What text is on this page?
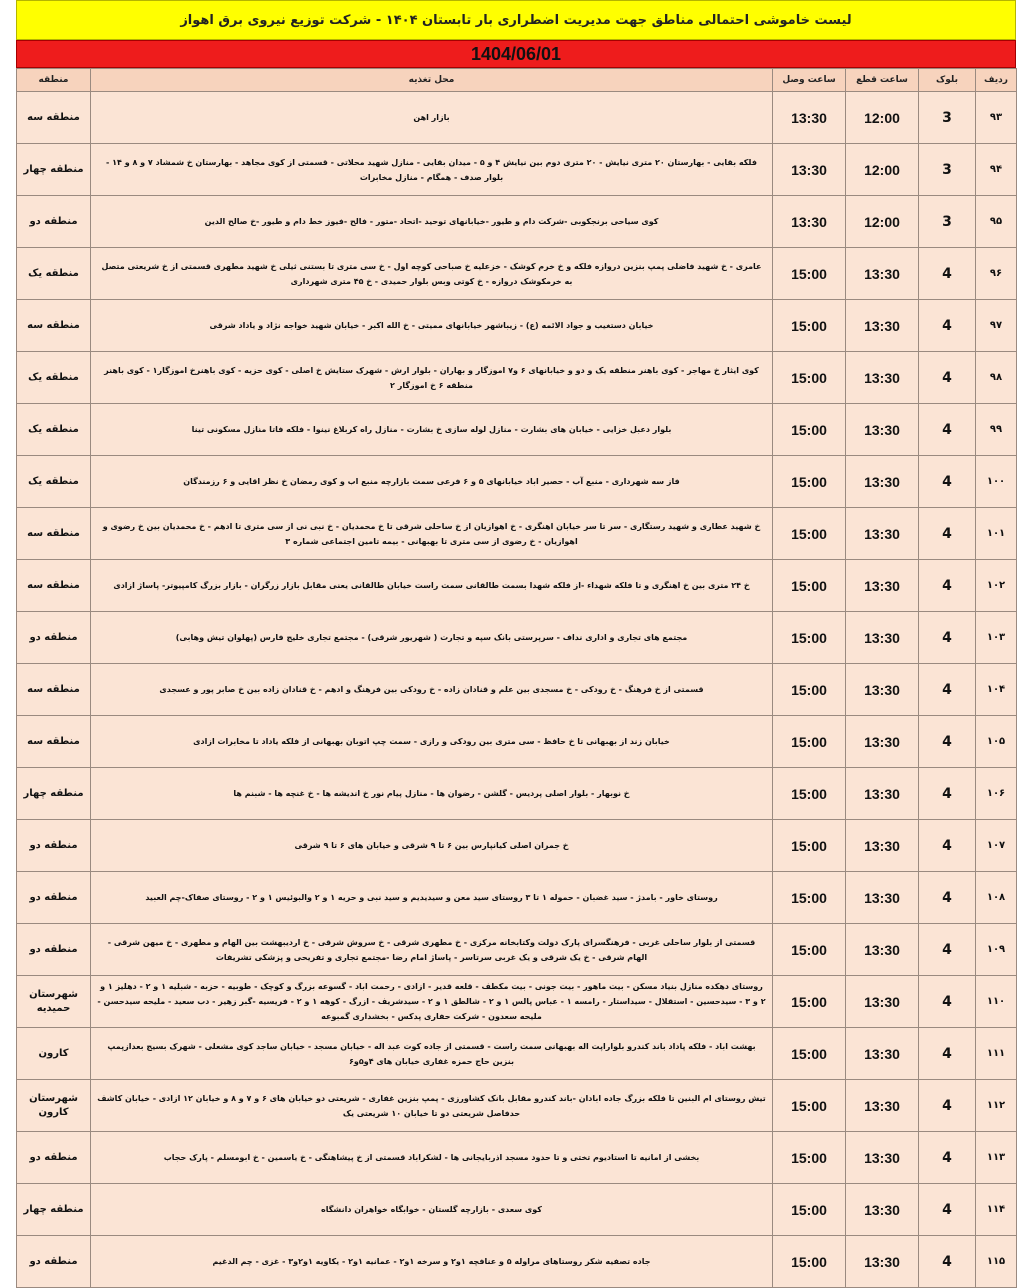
لیست خاموشی احتمالی مناطق جهت مدیریت اضطراری بار تابستان ۱۴۰۴ - شرکت توزیع نیروی برق اهواز
1404/06/01
ردیف	بلوک	ساعت قطع	ساعت وصل	محل تغذیه	منطقه
۹۳	3	12:00	13:30	بازار اهن	منطقه سه
۹۴	3	12:00	13:30	فلکه بقایی - بهارستان ۲۰ متری نیایش - ۲۰ متری دوم بین نیایش ۴ و ۵ - میدان بقایی - منازل شهید محلاتی - قسمتی از کوی مجاهد - بهارستان خ شمشاد ۷ و ۸ و ۱۴ - بلوار صدف - همگام - منازل مخابرات	منطقه چهار
۹۵	3	12:00	13:30	کوی سیاحی برنجکوبی -شرکت دام و طیور -خیابانهای توحید -اتحاد -متور - فالح -فیوز خط دام و طیور -خ صالح الدین	منطقه دو
۹۶	4	13:30	15:00	عامری - خ شهید فاضلی پمپ بنزین دروازه فلکه و خ خرم کوشک - خزعلیه خ صباحی کوچه اول - خ سی متری تا بستنی ثیلی خ شهید مطهری قسمتی از خ شریعتی متصل به خرمکوشک دروازه - خ کوتی وبس بلوار حمیدی - خ ۴۵ متری شهرداری	منطقه یک
۹۷	4	13:30	15:00	خیابان دستغیب و جواد الائمه (ع) - زیباشهر خیابانهای ممیتی - خ الله اکبر - خیابان شهید خواجه نژاد و یاداد شرقی	منطقه سه
۹۸	4	13:30	15:00	کوی ایثار خ مهاجر - کوی باهنر منطقه یک و دو و خیابانهای ۶ و۷ اموزگار و بهاران - بلوار ارش - شهرک ستایش خ اصلی - کوی حزیه - کوی باهنرخ اموزگار۱ - کوی باهنر منطقه ۶ خ اموزگار ۲	منطقه یک
۹۹	4	13:30	15:00	بلوار دعبل خزایی - خیابان های بشارت - منازل لوله سازی خ بشارت - منازل راه کربلاغ نینوا - فلکه فاتا منازل مسکونی تینا	منطقه یک
۱۰۰	4	13:30	15:00	فاز سه شهرداری - منبع آب - حصیر اباد خیابانهای ۵ و ۶ فرعی سمت بازارچه منبع اب و کوی رمضان خ نظر اقایی و ۶ رزمندگان	منطقه یک
۱۰۱	4	13:30	15:00	خ شهید عطاری و شهید رستگاری - سر تا سر خیابان اهنگری - خ اهوازیان از خ ساحلی شرقی تا خ محمدیان - خ نبی نی از سی متری تا ادهم - خ محمدیان بین خ رضوی و اهوازیان - خ رضوی از سی متری تا بهبهانی - بیمه تامین اجتماعی شماره ۳	منطقه سه
۱۰۲	4	13:30	15:00	خ ۲۴ متری بین خ اهنگری و تا فلکه شهداء -از فلکه شهدا بسمت طالقانی سمت راست خیابان طالقانی یعنی مقابل بازار زرگران - بازار بزرگ کامپیوتر- پاساژ ازادی	منطقه سه
۱۰۳	4	13:30	15:00	مجتمع های تجاری و اداری نداف - سرپرستی بانک سپه و تجارت ( شهریور شرقی) - مجتمع تجاری خلیج فارس (پهلوان تیش وهابی)	منطقه دو
۱۰۴	4	13:30	15:00	قسمتی از خ فرهنگ - خ رودکی - خ مسجدی بین علم و قنادان زاده - خ رودکی بین فرهنگ و ادهم - خ قنادان زاده بین خ صابر پور و عسجدی	منطقه سه
۱۰۵	4	13:30	15:00	خیابان زند از بهبهانی تا خ حافظ - سی متری بین رودکی و رازی - سمت چپ اتوبان بهبهانی از فلکه یاداد تا مخابرات ازادی	منطقه سه
۱۰۶	4	13:30	15:00	خ نوبهار - بلوار اصلی پردیس - گلشن - رضوان ها - منازل پیام نور خ اندیشه ها - خ غنچه ها - شبنم ها	منطقه چهار
۱۰۷	4	13:30	15:00	خ جمران اصلی کیانپارس بین ۶ تا ۹ شرقی و خیابان های ۶ تا ۹ شرقی	منطقه دو
۱۰۸	4	13:30	15:00	روستای خاور - بامدژ - سید غضبان - حموله ۱ تا ۳ روستای سید معن و سیدیدیم و سید نبی و حریه ۱ و ۲ والبوئیس ۱ و ۲ - روستای صفاک-چم العبید	منطقه دو
۱۰۹	4	13:30	15:00	قسمتی از بلوار ساحلی غربی - فرهنگسرای پارک دولت وکتابخانه مرکزی - خ مطهری شرقی - خ سروش شرقی - خ اردیبهشت بین الهام و مطهری - خ میهن شرقی - الهام شرقی - خ یک شرقی و یک غربی سرتاسر - پاساژ امام رضا -مجتمع تجاری و تفریحی و پزشکی تشریفات	منطقه دو
۱۱۰	4	13:30	15:00	روستای دهکده منازل بنیاد مسکن - بیت ماهور - بیت جونی - بیت مکطف - قلعه قدیر - ازادی - رحمت اباد - گسوعه بزرگ و کوچک - طوبیه - حزبه - شبلیه ۱ و ۲ - دهلیز ۱ و ۲ و ۳ - سیدحسین - استقلال - سیداستار - رامسه ۱ - عباس پالس ۱ و ۲ - شالطق ۱ و ۲ - سیدشریف - ازرگ - کوهه ۱ و ۲ - فریسیه -گبر زهیر - دب سعید - ملیحه سیدحسن - ملیحه سعدون - شرکت حفاری پدکس - بخشداری گمبوعه	شهرستان حمیدیه
۱۱۱	4	13:30	15:00	بهشت اباد - فلکه پاداد باند کندرو بلواراپت اله بهبهانی سمت راست - قسمتی از جاده کوت عبد اله - خیابان مسجد - خیابان ساجد کوی مشعلی - شهرک بسیج بعدازپمپ بنزین حاج حمزه غفاری خیابان های ۴و۵و۶	کارون
۱۱۲	4	13:30	15:00	تیش روستای ام البنین تا فلکه بزرگ جاده ابادان -باند کندرو مقابل بانک کشاورزی - پمپ بنزین غفاری - شریعتی دو خیابان های ۶ و ۷ و ۸ و خیابان ۱۲ ازادی - خیابان کاشف حدفاصل شریعتی دو تا خیابان ۱۰ شریعتی یک	شهرستان کارون
۱۱۳	4	13:30	15:00	بخشی از امانیه تا استادیوم تختی و تا حدود مسجد اذربایجانی ها - لشکراباد قسمتی از خ پیشاهنگی - خ یاسمین - خ ابومسلم - پارک حجاب	منطقه دو
۱۱۴	4	13:30	15:00	کوی سعدی - بازارچه گلستان - خوابگاه خواهران دانشگاه	منطقه چهار
۱۱۵	4	13:30	15:00	جاده تصفیه شکر روستاهای مراوله ۵ و عنافچه ۱و۲ و سرخه ۱و۲ - عمانیه ۱و۲ - یکاویه ۱و۲و۳ - غزی - چم الدغیم	منطقه دو
